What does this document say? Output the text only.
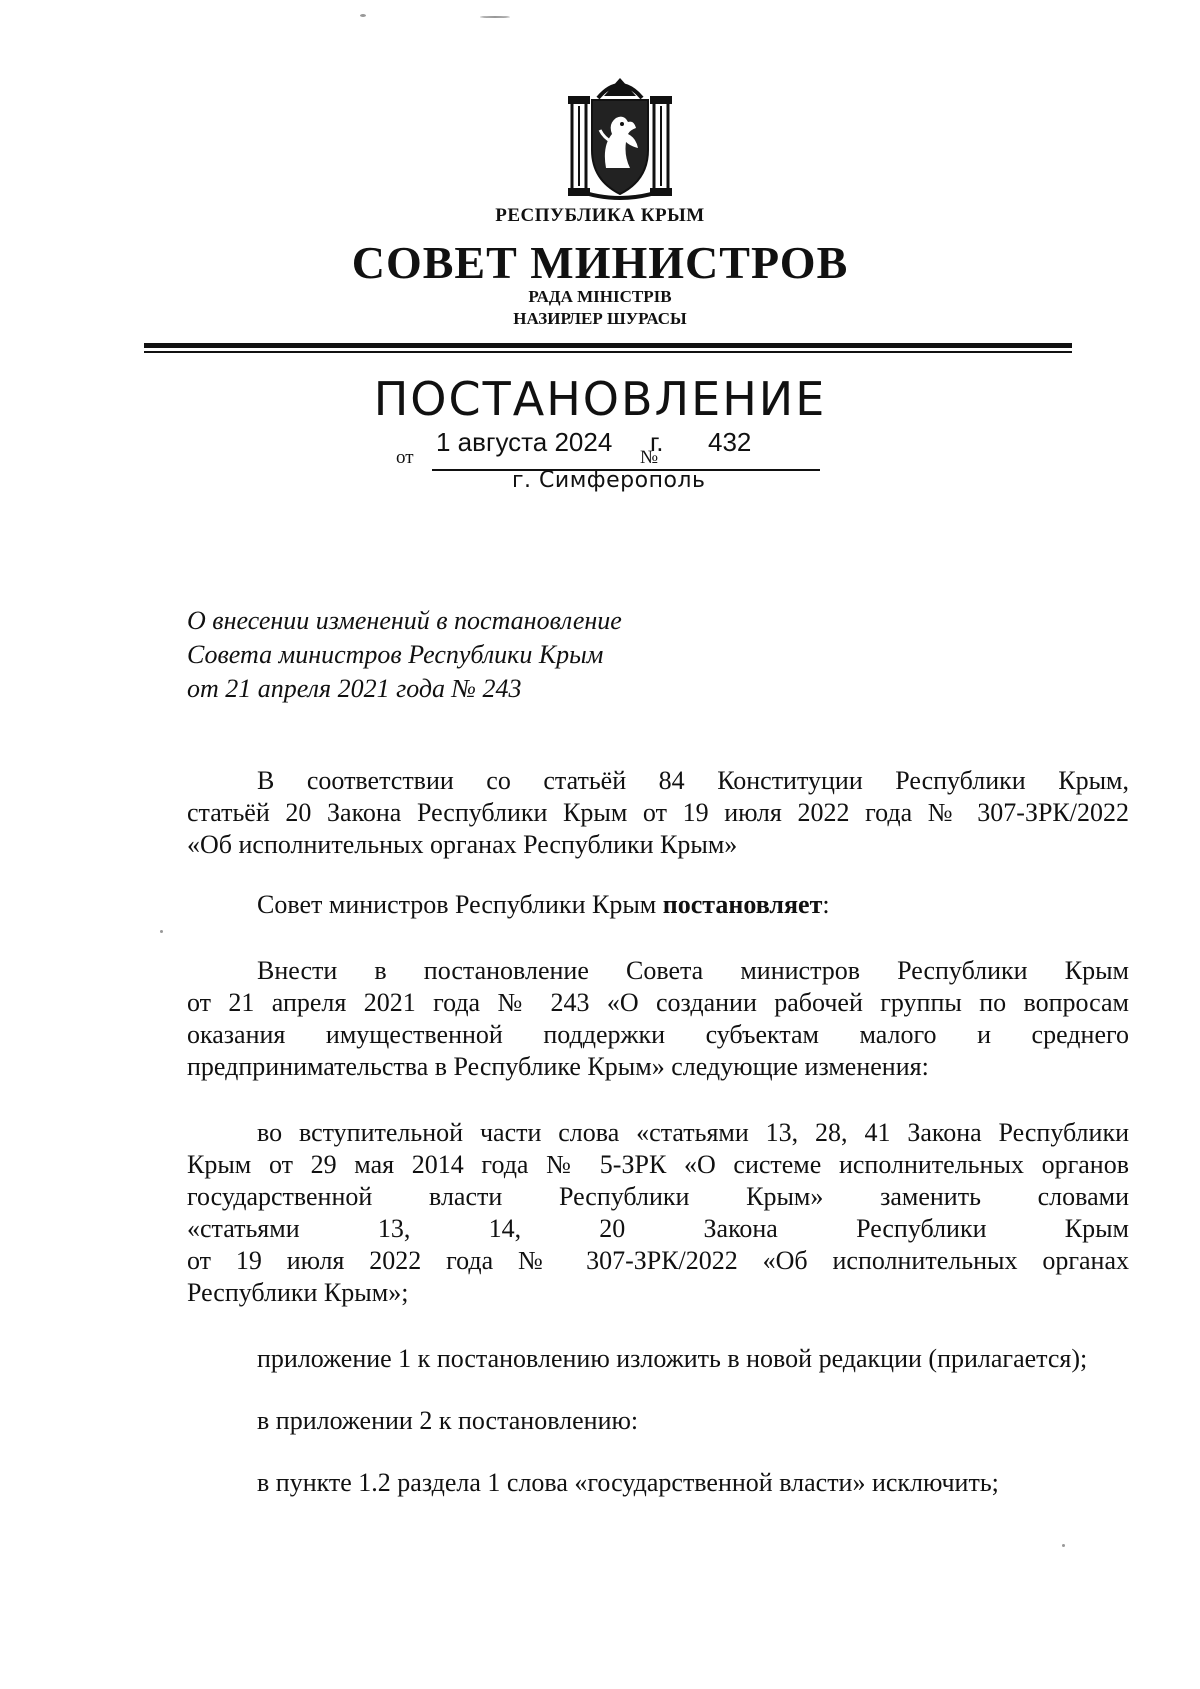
РЕСПУБЛИКА КРЫМ
СОВЕТ МИНИСТРОВ
РАДА МІНІСТРІВ
НАЗИРЛЕР ШУРАСЫ
ПОСТАНОВЛЕНИЕ
от
1 августа 2024
№
г. 432
г. Симферополь
О внесении изменений в постановление
Совета министров Республики Крым
от 21 апреля 2021 года № 243
В соответствии со статьёй 84 Конституции Республики Крым,
статьёй 20 Закона Республики Крым от 19 июля 2022 года № 307-ЗРК/2022
«Об исполнительных органах Республики Крым»
Совет министров Республики Крым постановляет:
Внести в постановление Совета министров Республики Крым
от 21 апреля 2021 года № 243 «О создании рабочей группы по вопросам
оказания имущественной поддержки субъектам малого и среднего
предпринимательства в Республике Крым» следующие изменения:
во вступительной части слова «статьями 13, 28, 41 Закона Республики
Крым от 29 мая 2014 года № 5-ЗРК «О системе исполнительных органов
государственной власти Республики Крым» заменить словами
«статьями 13, 14, 20 Закона Республики Крым
от 19 июля 2022 года № 307-ЗРК/2022 «Об исполнительных органах
Республики Крым»;
приложение 1 к постановлению изложить в новой редакции (прилагается);
в приложении 2 к постановлению:
в пункте 1.2 раздела 1 слова «государственной власти» исключить;
